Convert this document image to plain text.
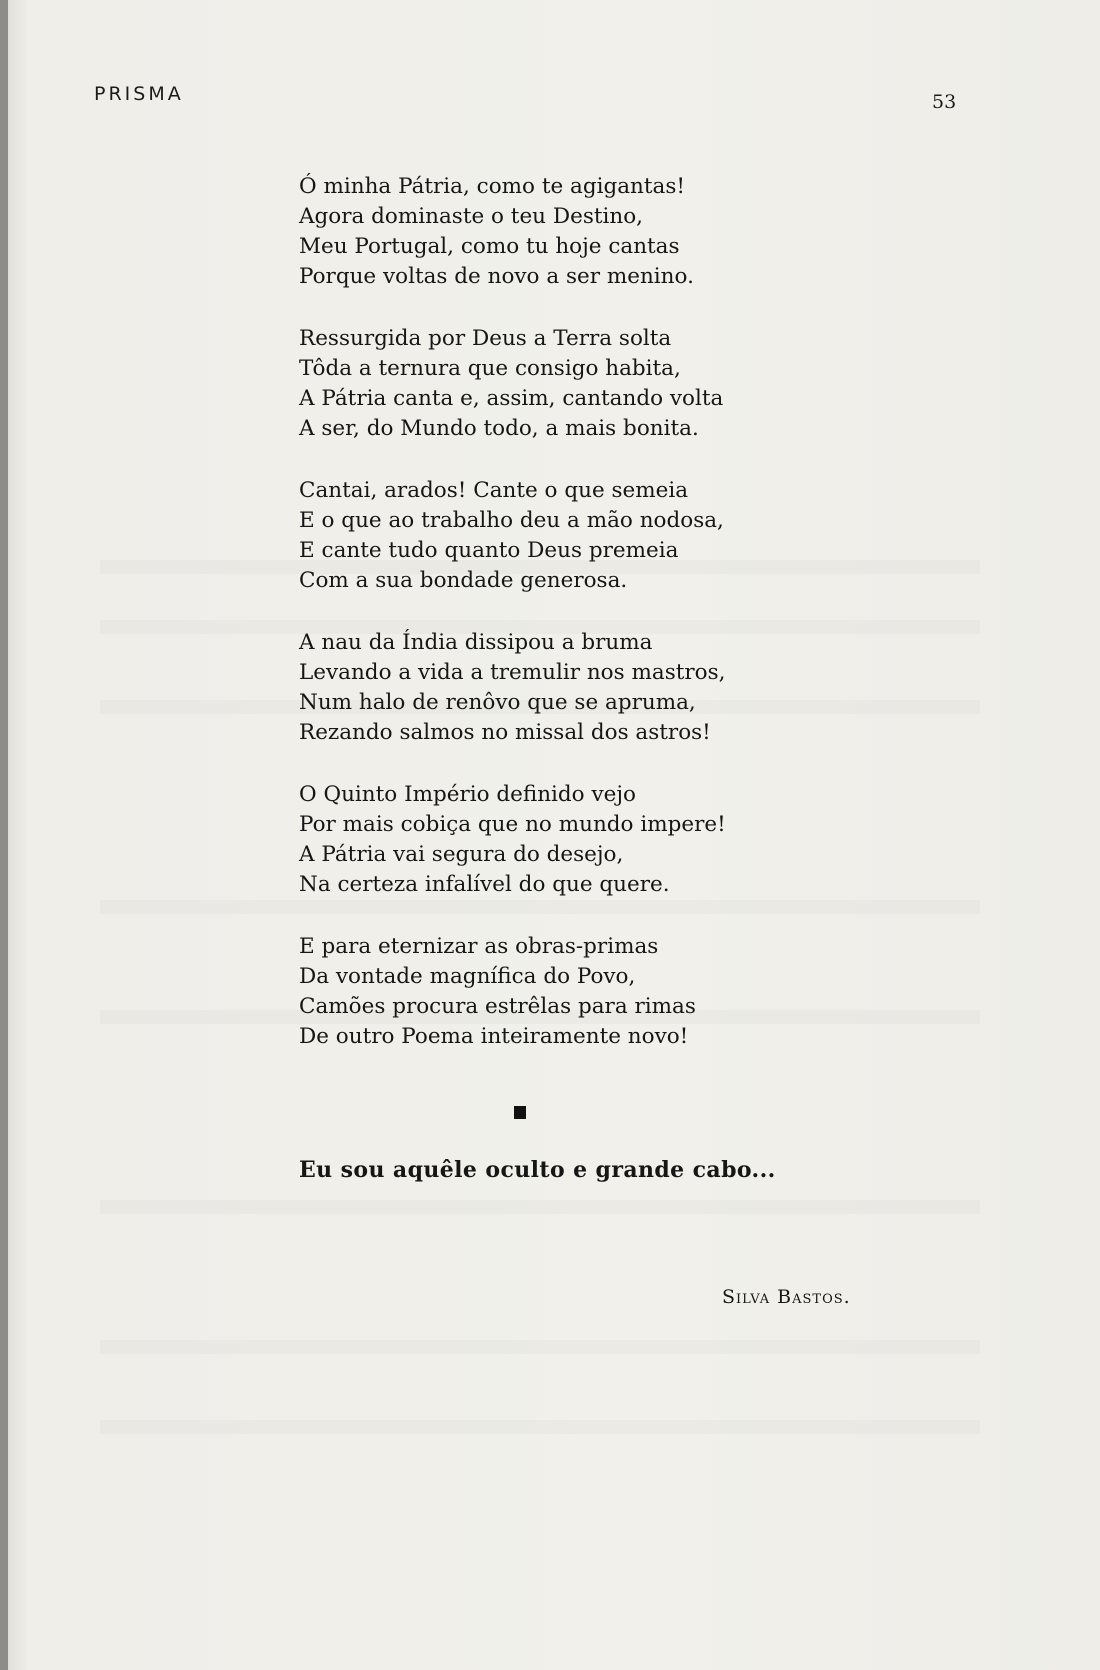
PRISMA	53
Ó minha Pátria, como te agigantas!
Agora dominaste o teu Destino,
Meu Portugal, como tu hoje cantas
Porque voltas de novo a ser menino.
Ressurgida por Deus a Terra solta
Tôda a ternura que consigo habita,
A Pátria canta e, assim, cantando volta
A ser, do Mundo todo, a mais bonita.
Cantai, arados! Cante o que semeia
E o que ao trabalho deu a mão nodosa,
E cante tudo quanto Deus premeia
Com a sua bondade generosa.
A nau da Índia dissipou a bruma
Levando a vida a tremulir nos mastros,
Num halo de renôvo que se apruma,
Rezando salmos no missal dos astros!
O Quinto Império definido vejo
Por mais cobiça que no mundo impere!
A Pátria vai segura do desejo,
Na certeza infalível do que quere.
E para eternizar as obras-primas
Da vontade magnífica do Povo,
Camões procura estrêlas para rimas
De outro Poema inteiramente novo!
Eu sou aquêle oculto e grande cabo...
Silva Bastos.
